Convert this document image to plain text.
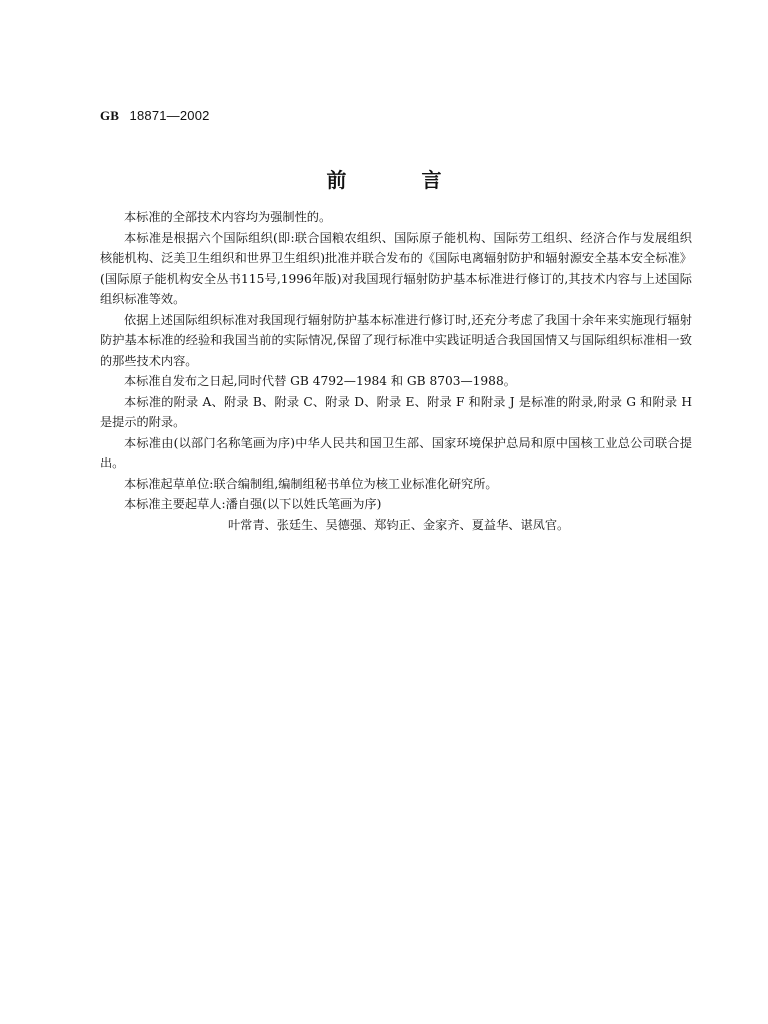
GB 18871—2002
前 言

本标准的全部技术内容均为强制性的。

本标准是根据六个国际组织(即:联合国粮农组织、国际原子能机构、国际劳工组织、经济合作与发展组织核能机构、泛美卫生组织和世界卫生组织)批准并联合发布的《国际电离辐射防护和辐射源安全基本安全标准》(国际原子能机构安全丛书115号,1996年版)对我国现行辐射防护基本标准进行修订的,其技术内容与上述国际组织标准等效。

依据上述国际组织标准对我国现行辐射防护基本标准进行修订时,还充分考虑了我国十余年来实施现行辐射防护基本标准的经验和我国当前的实际情况,保留了现行标准中实践证明适合我国国情又与国际组织标准相一致的那些技术内容。

本标准自发布之日起,同时代替 GB 4792—1984 和 GB 8703—1988。

本标准的附录 A、附录 B、附录 C、附录 D、附录 E、附录 F 和附录 J 是标准的附录,附录 G 和附录 H 是提示的附录。

本标准由(以部门名称笔画为序)中华人民共和国卫生部、国家环境保护总局和原中国核工业总公司联合提出。

本标准起草单位:联合编制组,编制组秘书单位为核工业标准化研究所。

本标准主要起草人:潘自强(以下以姓氏笔画为序)

叶常青、张廷生、吴德强、郑钧正、金家齐、夏益华、谌凤官。
